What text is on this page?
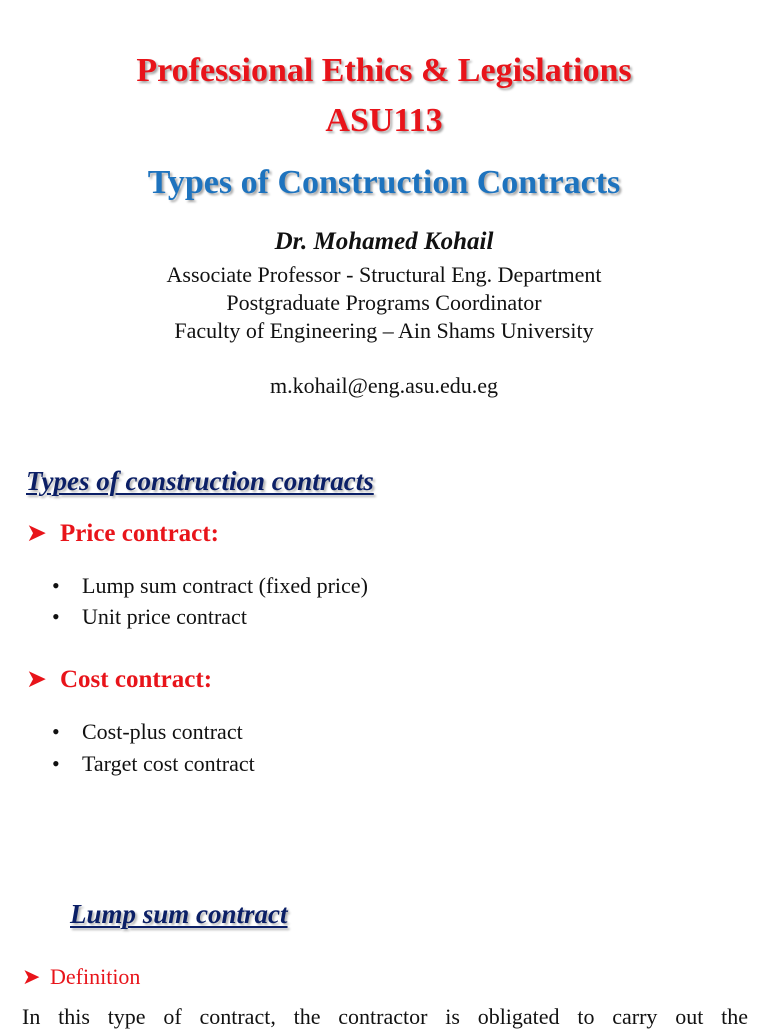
Professional Ethics & Legislations
ASU113
Types of Construction Contracts
Dr. Mohamed Kohail
Associate Professor - Structural Eng. Department
Postgraduate Programs Coordinator
Faculty of Engineering – Ain Shams University
m.kohail@eng.asu.edu.eg
Types of construction contracts
➤ Price contract:
• Lump sum contract (fixed price)
• Unit price contract
➤ Cost contract:
• Cost-plus contract
• Target cost contract
Lump sum contract
➤ Definition
In this type of contract, the contractor is obligated to carry out the
